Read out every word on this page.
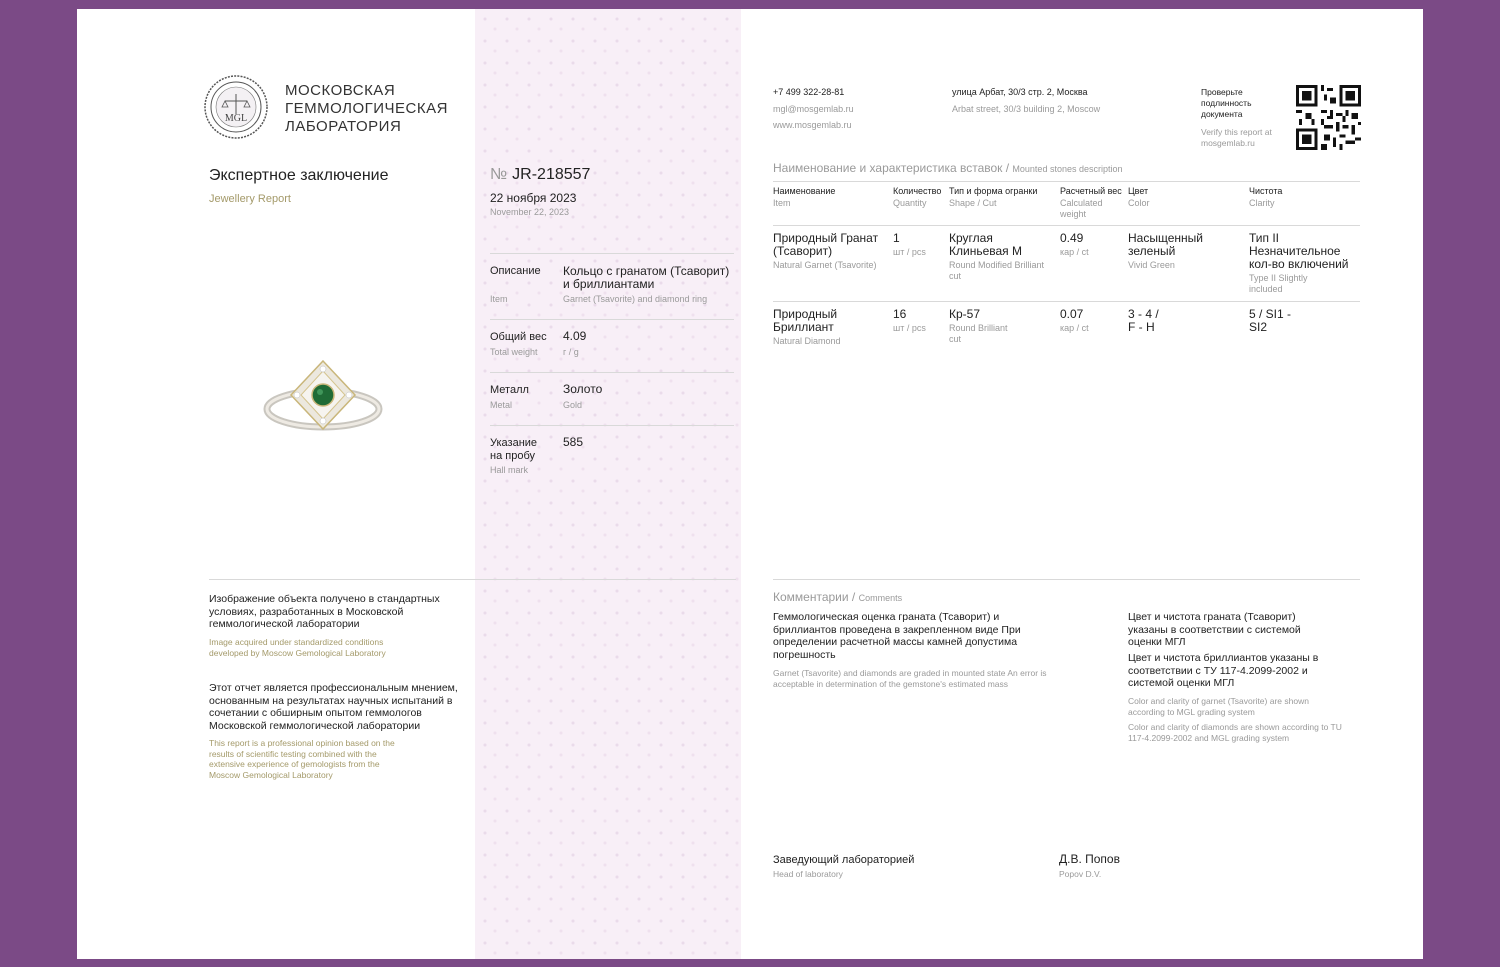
MGL
МОСКОВСКАЯ
ГЕММОЛОГИЧЕСКАЯ
ЛАБОРАТОРИЯ
Экспертное заключение
Jewellery Report
№ JR-218557
22 ноября 2023
November 22, 2023
Описание
Item
Кольцо с гранатом (Тсаворит) и бриллиантами
Garnet (Tsavorite) and diamond ring
Общий вес
Total weight
4.09
г / g
Металл
Metal
Золото
Gold
Указание на пробу
Hall mark
585
+7 499 322-28-81
mgl@mosgemlab.ru
www.mosgemlab.ru
улица Арбат, 30/3 стр. 2, Москва
Arbat street, 30/3 building 2, Moscow
Проверьте подлинность документа
Verify this report at mosgemlab.ru
Наименование и характеристика вставок / Mounted stones description
Наименование
Item
Количество
Quantity
Тип и форма огранки
Shape / Cut
Расчетный вес
Calculated weight
Цвет
Color
Чистота
Clarity
Природный Гранат (Тсаворит)
Natural Garnet (Tsavorite)
1
шт / pcs
Круглая Клиньевая М
Round Modified Brilliant cut
0.49
кар / ct
Насыщенный зеленый
Vivid Green
Тип II Незначительное кол-во включений
Type II Slightly included
Природный Бриллиант
Natural Diamond
16
шт / pcs
Кр-57
Round Brilliant cut
0.07
кар / ct
3 - 4 / F - H
5 / SI1 - SI2
Изображение объекта получено в стандартных условиях, разработанных в Московской геммологической лаборатории
Image acquired under standardized conditions developed by Moscow Gemological Laboratory
Этот отчет является профессиональным мнением, основанным на результатах научных испытаний в сочетании с обширным опытом геммологов Московской геммологической лаборатории
This report is a professional opinion based on the results of scientific testing combined with the extensive experience of gemologists from the Moscow Gemological Laboratory
Комментарии / Comments
Геммологическая оценка граната (Тсаворит) и бриллиантов проведена в закрепленном виде При определении расчетной массы камней допустима погрешность
Garnet (Tsavorite) and diamonds are graded in mounted state An error is acceptable in determination of the gemstone's estimated mass
Цвет и чистота граната (Тсаворит) указаны в соответствии с системой оценки МГЛ
Цвет и чистота бриллиантов указаны в соответствии с ТУ 117-4.2099-2002 и системой оценки МГЛ
Color and clarity of garnet (Tsavorite) are shown according to MGL grading system
Color and clarity of diamonds are shown according to TU 117-4.2099-2002 and MGL grading system
Заведующий лабораторией
Head of laboratory
Д.В. Попов
Popov D.V.
